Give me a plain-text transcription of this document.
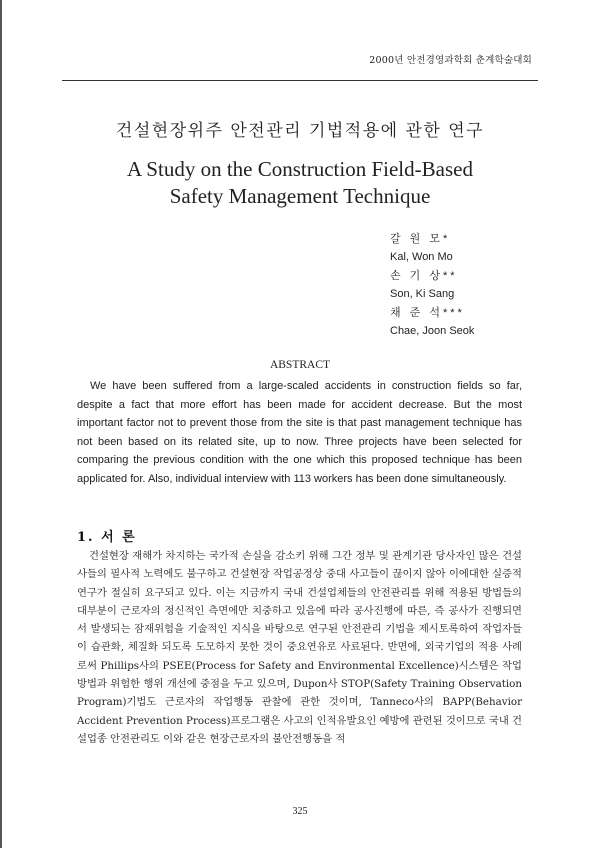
2000년 안전경영과학회 춘계학술대회
건설현장위주 안전관리 기법적용에 관한 연구
A Study on the Construction Field-Based
Safety Management Technique
갈 원 모*
Kal, Won Mo
손 기 상**
Son, Ki Sang
채 준 석***
Chae, Joon Seok
ABSTRACT

We have been suffered from a large-scaled accidents in construction fields so far, despite a fact that more effort has been made for accident decrease. But the most important factor not to prevent those from the site is that past management technique has not been based on its related site, up to now. Three projects have been selected for comparing the previous condition with the one which this proposed technique has been applicated for. Also, individual interview with 113 workers has been done simultaneously.

1. 서 론

건설현장 재해가 차지하는 국가적 손실을 감소키 위해 그간 정부 및 관계기관 당사자인 많은 건설사들의 필사적 노력에도 불구하고 건설현장 작업공정상 중대 사고들이 끊이지 않아 이에대한 실증적 연구가 절실히 요구되고 있다. 이는 지금까지 국내 건설업체들의 안전관리를 위해 적용된 방법들의 대부분이 근로자의 정신적인 측면에만 치중하고 있음에 따라 공사진행에 따른, 즉 공사가 진행되면서 발생되는 잠재위험을 기술적인 지식을 바탕으로 연구된 안전관리 기법을 제시토록하여 작업자들이 습관화, 체질화 되도록 도모하지 못한 것이 중요연유로 사료된다. 반면에, 외국기업의 적용 사례로써 Phillips사의 PSEE(Process for Safety and Environmental Excellence)시스템은 작업방법과 위험한 행위 개선에 중점을 두고 있으며, Dupon사 STOP(Safety Training Observation Program)기법도 근로자의 작업행동 관찰에 관한 것이며, Tanneco사의 BAPP(Behavior Accident Prevention Process)프로그램은 사고의 인적유발요인 예방에 관련된 것이므로 국내 건설업종 안전관리도 이와 같은 현장근로자의 불안전행동을 적

325
